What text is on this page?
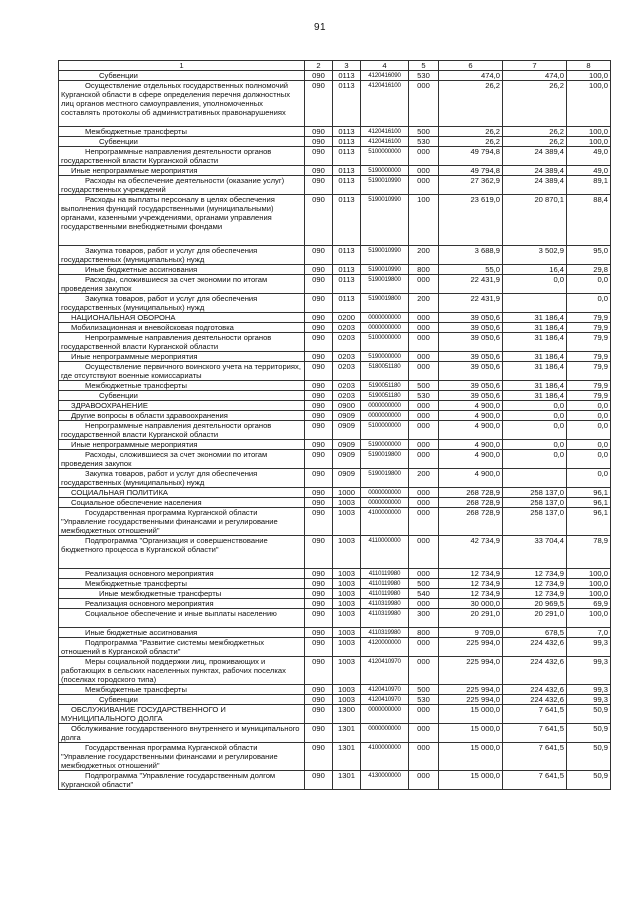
91
1	2	3	4	5	6	7	8
Субвенции	090	0113	4120416090	530	474,0	474,0	100,0
Осуществление отдельных государственных полномочий Курганской области в сфере определения перечня должностных лиц органов местного самоуправления, уполномоченных составлять протоколы об административных правонарушениях	090	0113	4120416100	000	26,2	26,2	100,0
Межбюджетные трансферты	090	0113	4120416100	500	26,2	26,2	100,0
Субвенции	090	0113	4120416100	530	26,2	26,2	100,0
Непрограммные направления деятельности органов государственной власти Курганской области	090	0113	5100000000	000	49 794,8	24 389,4	49,0
Иные непрограммные мероприятия	090	0113	5190000000	000	49 794,8	24 389,4	49,0
Расходы на обеспечение деятельности (оказание услуг) государственных учреждений	090	0113	5190010990	000	27 362,9	24 389,4	89,1
Расходы на выплаты персоналу в целях обеспечения выполнения функций государственными (муниципальными) органами, казенными учреждениями, органами управления государственными внебюджетными фондами	090	0113	5190010990	100	23 619,0	20 870,1	88,4
Закупка товаров, работ и услуг для обеспечения государственных (муниципальных) нужд	090	0113	5190010990	200	3 688,9	3 502,9	95,0
Иные бюджетные ассигнования	090	0113	5190010990	800	55,0	16,4	29,8
Расходы, сложившиеся за счет экономии по итогам проведения закупок	090	0113	5190019800	000	22 431,9	0,0	0,0
Закупка товаров, работ и услуг для обеспечения государственных (муниципальных) нужд	090	0113	5190019800	200	22 431,9		0,0
НАЦИОНАЛЬНАЯ ОБОРОНА	090	0200	0000000000	000	39 050,6	31 186,4	79,9
Мобилизационная и вневойсковая подготовка	090	0203	0000000000	000	39 050,6	31 186,4	79,9
Непрограммные направления деятельности органов государственной власти Курганской области	090	0203	5100000000	000	39 050,6	31 186,4	79,9
Иные непрограммные мероприятия	090	0203	5190000000	000	39 050,6	31 186,4	79,9
Осуществление первичного воинского учета на территориях, где отсутствуют военные комиссариаты	090	0203	5180051180	000	39 050,6	31 186,4	79,9
Межбюджетные трансферты	090	0203	5190051180	500	39 050,6	31 186,4	79,9
Субвенции	090	0203	5190051180	530	39 050,6	31 186,4	79,9
ЗДРАВООХРАНЕНИЕ	090	0900	0000000000	000	4 900,0	0,0	0,0
Другие вопросы в области здравоохранения	090	0909	0000000000	000	4 900,0	0,0	0,0
Непрограммные направления деятельности органов государственной власти Курганской области	090	0909	5100000000	000	4 900,0	0,0	0,0
Иные непрограммные мероприятия	090	0909	5190000000	000	4 900,0	0,0	0,0
Расходы, сложившиеся за счет экономии по итогам проведения закупок	090	0909	5190019800	000	4 900,0	0,0	0,0
Закупка товаров, работ и услуг для обеспечения государственных (муниципальных) нужд	090	0909	5190019800	200	4 900,0		0,0
СОЦИАЛЬНАЯ ПОЛИТИКА	090	1000	0000000000	000	268 728,9	258 137,0	96,1
Социальное обеспечение населения	090	1003	0000000000	000	268 728,9	258 137,0	96,1
Государственная программа Курганской области "Управление государственными финансами и регулирование межбюджетных отношений"	090	1003	4100000000	000	268 728,9	258 137,0	96,1
Подпрограмма "Организация и совершенствование бюджетного процесса в Курганской области"	090	1003	4110000000	000	42 734,9	33 704,4	78,9
Реализация основного мероприятия	090	1003	4110119980	000	12 734,9	12 734,9	100,0
Межбюджетные трансферты	090	1003	4110119980	500	12 734,9	12 734,9	100,0
Иные межбюджетные трансферты	090	1003	4110119980	540	12 734,9	12 734,9	100,0
Реализация основного мероприятия	090	1003	4110319980	000	30 000,0	20 969,5	69,9
Социальное обеспечение и иные выплаты населению	090	1003	4110319980	300	20 291,0	20 291,0	100,0
Иные бюджетные ассигнования	090	1003	4110319980	800	9 709,0	678,5	7,0
Подпрограмма "Развитие системы межбюджетных отношений в Курганской области"	090	1003	4120000000	000	225 994,0	224 432,6	99,3
Меры социальной поддержки лиц, проживающих и работающих в сельских населенных пунктах, рабочих поселках (поселках городского типа)	090	1003	4120410970	000	225 994,0	224 432,6	99,3
Межбюджетные трансферты	090	1003	4120410970	500	225 994,0	224 432,6	99,3
Субвенции	090	1003	4120410970	530	225 994,0	224 432,6	99,3
ОБСЛУЖИВАНИЕ ГОСУДАРСТВЕННОГО И МУНИЦИПАЛЬНОГО ДОЛГА	090	1300	0000000000	000	15 000,0	7 641,5	50,9
Обслуживание государственного внутреннего и муниципального долга	090	1301	0000000000	000	15 000,0	7 641,5	50,9
Государственная программа Курганской области "Управление государственными финансами и регулирование межбюджетных отношений"	090	1301	4100000000	000	15 000,0	7 641,5	50,9
Подпрограмма "Управление государственным долгом Курганской области"	090	1301	4130000000	000	15 000,0	7 641,5	50,9
